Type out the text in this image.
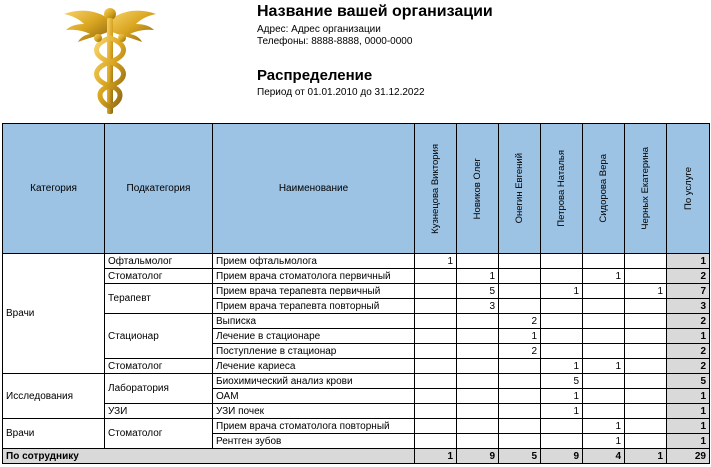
Название вашей организации
Адрес: Адрес организации
Телефоны: 8888-8888, 0000-0000
Распределение
Период от 01.01.2010 до 31.12.2022
Категория	Подкатегория	Наименование	Кузнецова Виктория	Новиков Олег	Онегин Евгений	Петрова Наталья	Сидорова Вера	Черных Екатерина	По услуге

Врачи	Офтальмолог	Прием офтальмолога	1						1
	Стоматолог	Прием врача стоматолога первичный		1			1		2
	Терапевт	Прием врача терапевта первичный		5		1		1	7
		Прием врача терапевта повторный		3					3
	Стационар	Выписка			2				2
		Лечение в стационаре			1				1
		Поступление в стационар			2				2
	Стоматолог	Лечение кариеса				1	1		2
Исследования	Лаборатория	Биохимический анализ крови				5			5
		ОАМ				1			1
	УЗИ	УЗИ почек				1			1
Врачи	Стоматолог	Прием врача стоматолога повторный					1		1
		Рентген зубов					1		1
По сотруднику			1	9	5	9	4	1	29
